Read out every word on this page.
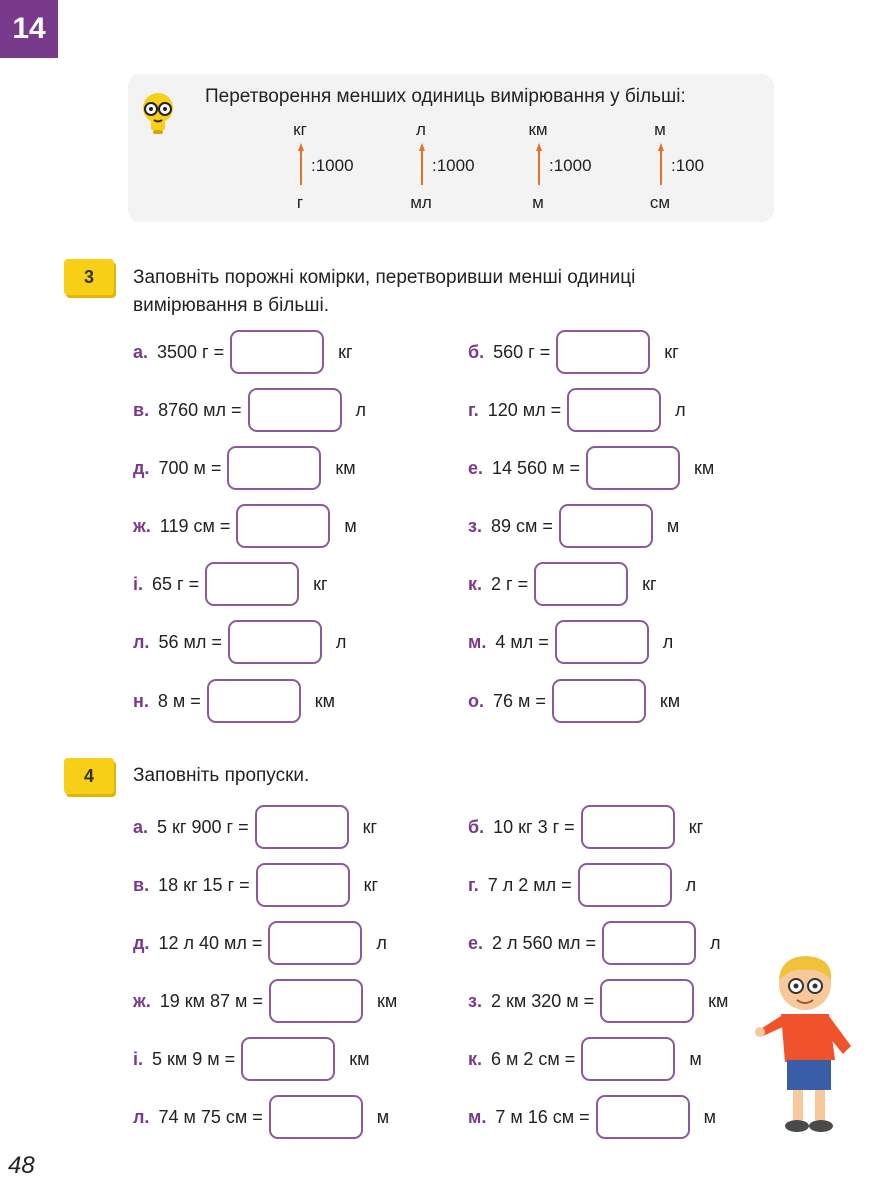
14
Перетворення менших одиниць вимірювання у більші:
кг
:1000
г
л
:1000
мл
км
:1000
м
м
:100
см
3	Заповніть порожні комірки, перетворивши менші одиниці
вимірювання в більші.
а. 3500 г =	кг
в. 8760 мл =	л
д. 700 м =	км
ж. 119 см =	м
і. 65 г =	кг
л. 56 мл =	л
н. 8 м =	км
б. 560 г =	кг
г. 120 мл =	л
е. 14 560 м =	км
з. 89 см =	м
к. 2 г =	кг
м. 4 мл =	л
о. 76 м =	км
4	Заповніть пропуски.
а. 5 кг 900 г =	кг
в. 18 кг 15 г =	кг
д. 12 л 40 мл =	л
ж. 19 км 87 м =	км
і. 5 км 9 м =	км
л. 74 м 75 см =	м
б. 10 кг 3 г =	кг
г. 7 л 2 мл =	л
е. 2 л 560 мл =	л
з. 2 км 320 м =	км
к. 6 м 2 см =	м
м. 7 м 16 см =	м
48
